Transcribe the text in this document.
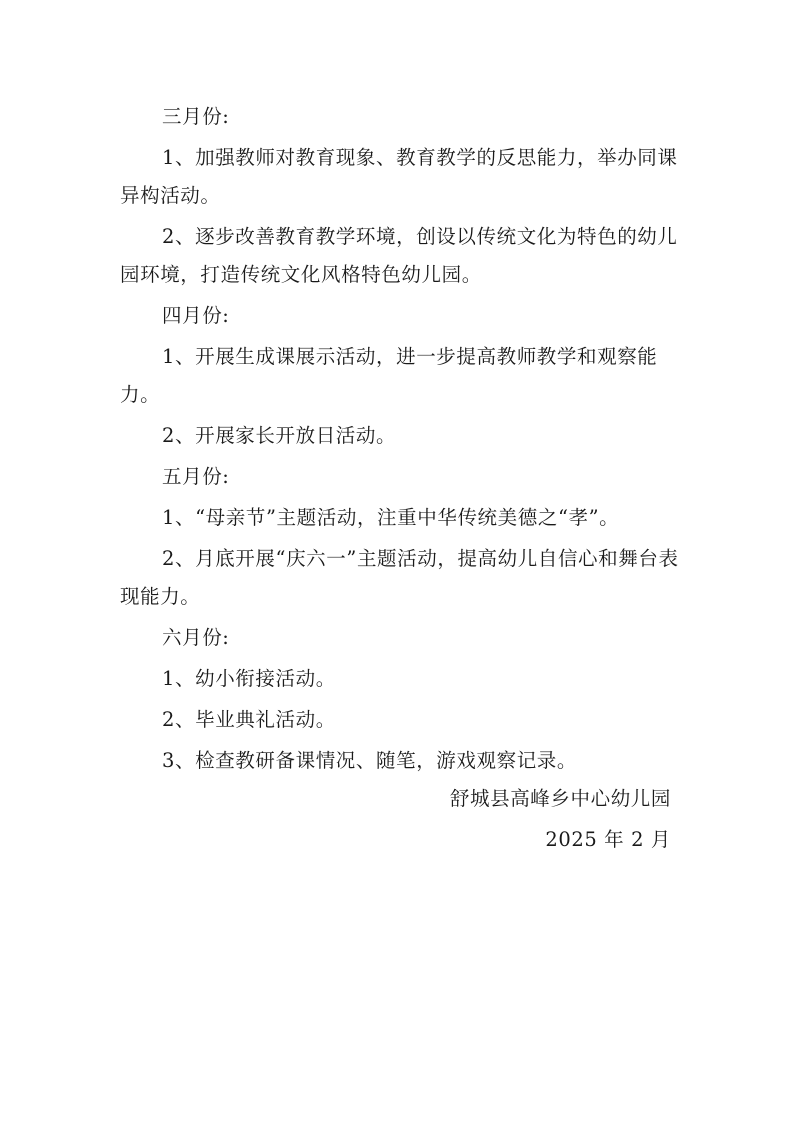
三月份:

1、加强教师对教育现象、教育教学的反思能力，举办同课异构活动。

2、逐步改善教育教学环境，创设以传统文化为特色的幼儿园环境，打造传统文化风格特色幼儿园。

四月份:

1、开展生成课展示活动，进一步提高教师教学和观察能力。

2、开展家长开放日活动。

五月份:

1、“母亲节”主题活动，注重中华传统美德之“孝”。

2、月底开展“庆六一”主题活动，提高幼儿自信心和舞台表现能力。

六月份:

1、幼小衔接活动。

2、毕业典礼活动。

3、检查教研备课情况、随笔，游戏观察记录。

舒城县高峰乡中心幼儿园
2025 年 2 月
